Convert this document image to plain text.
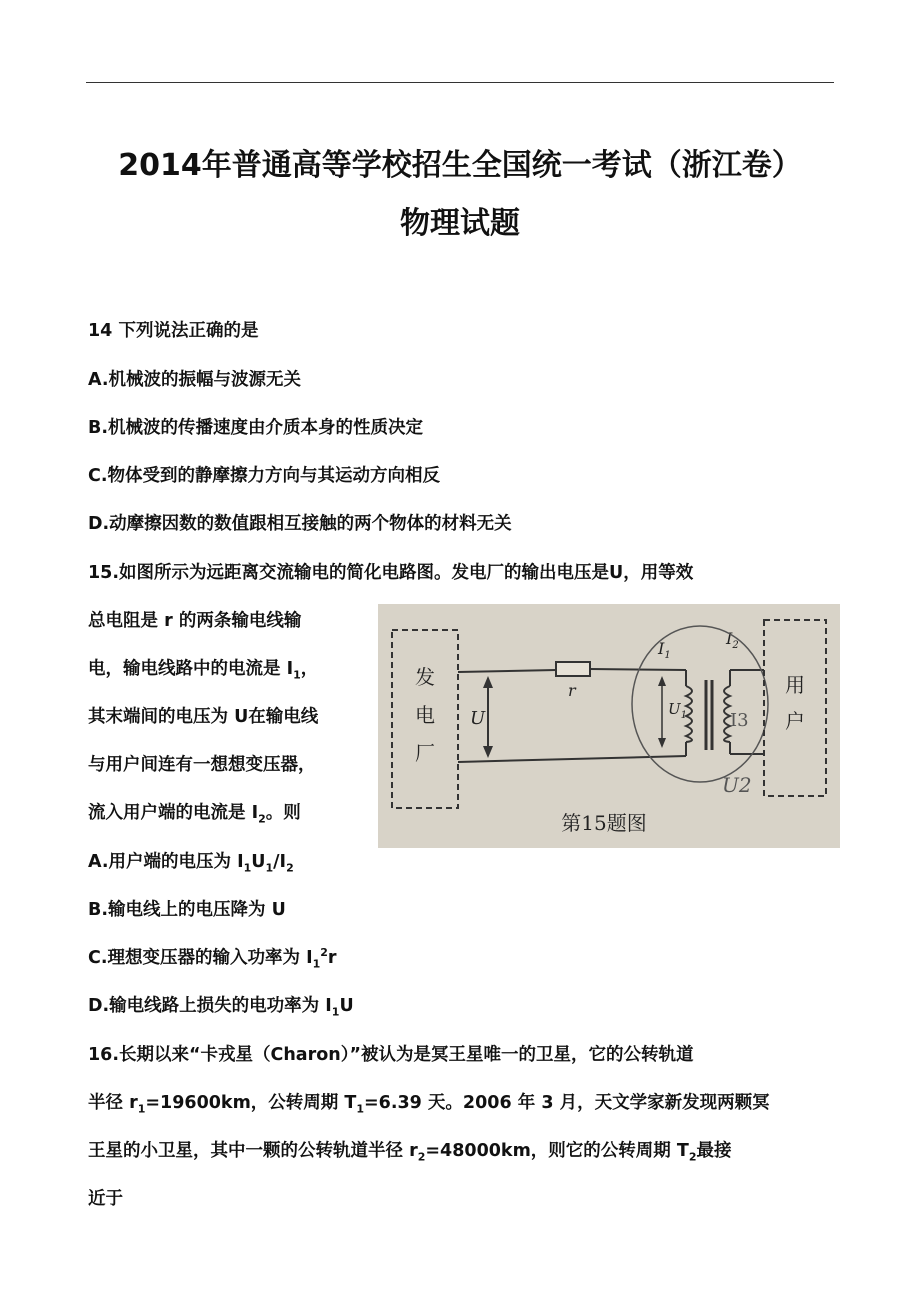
2014年普通高等学校招生全国统一考试（浙江卷）
物理试题
14 下列说法正确的是
A.机械波的振幅与波源无关
B.机械波的传播速度由介质本身的性质决定
C.物体受到的静摩擦力方向与其运动方向相反
D.动摩擦因数的数值跟相互接触的两个物体的材料无关
15.如图所示为远距离交流输电的简化电路图。发电厂的输出电压是U，用等效
总电阻是 r 的两条输电线输
电，输电线路中的电流是 $I_1$，
其末端间的电压为 U在输电线
与用户间连有一想想变压器，
流入用户端的电流是 $I_2$。则
A.用户端的电压为 $I_1U_1/I_2$
B.输电线上的电压降为 U
C.理想变压器的输入功率为 $I_1^2r$
D.输电线路上损失的电功率为 $I_1U$
发
电
厂
r
U	$U_1$
$I_1$
$I_2$
I3
U2
用
户
第15题图
16.长期以来“卡戎星（Charon）”被认为是冥王星唯一的卫星，它的公转轨道
半径 $r_1=19600km$，公转周期 $T_1=6.39$ 天。2006 年 3 月，天文学家新发现两颗冥
王星的小卫星，其中一颗的公转轨道半径 $r_2=48000km$，则它的公转周期 $T_2$最接
近于
